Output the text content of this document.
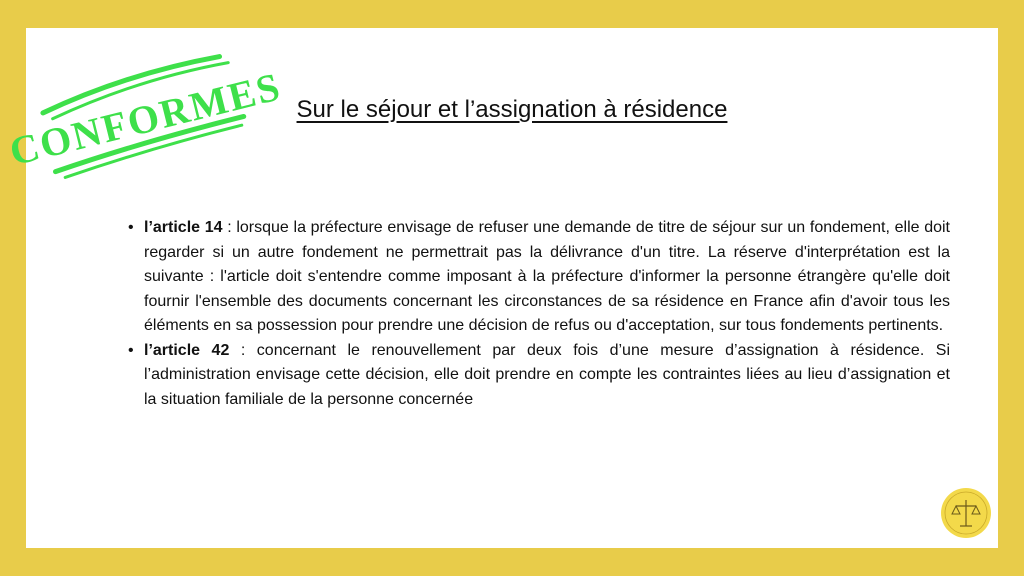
CONFORMES Sur le séjour et l’assignation à résidence
• l’article 14 : lorsque la préfecture envisage de refuser une demande de titre de séjour sur un fondement, elle doit regarder si un autre fondement ne permettrait pas la délivrance d'un titre. La réserve d'interprétation est la suivante : l'article doit s'entendre comme imposant à la préfecture d'informer la personne étrangère qu'elle doit fournir l'ensemble des documents concernant les circonstances de sa résidence en France afin d'avoir tous les éléments en sa possession pour prendre une décision de refus ou d'acceptation, sur tous fondements pertinents.
• l’article 42 : concernant le renouvellement par deux fois d’une mesure d’assignation à résidence. Si l’administration envisage cette décision, elle doit prendre en compte les contraintes liées au lieu d’assignation et la situation familiale de la personne concernée
